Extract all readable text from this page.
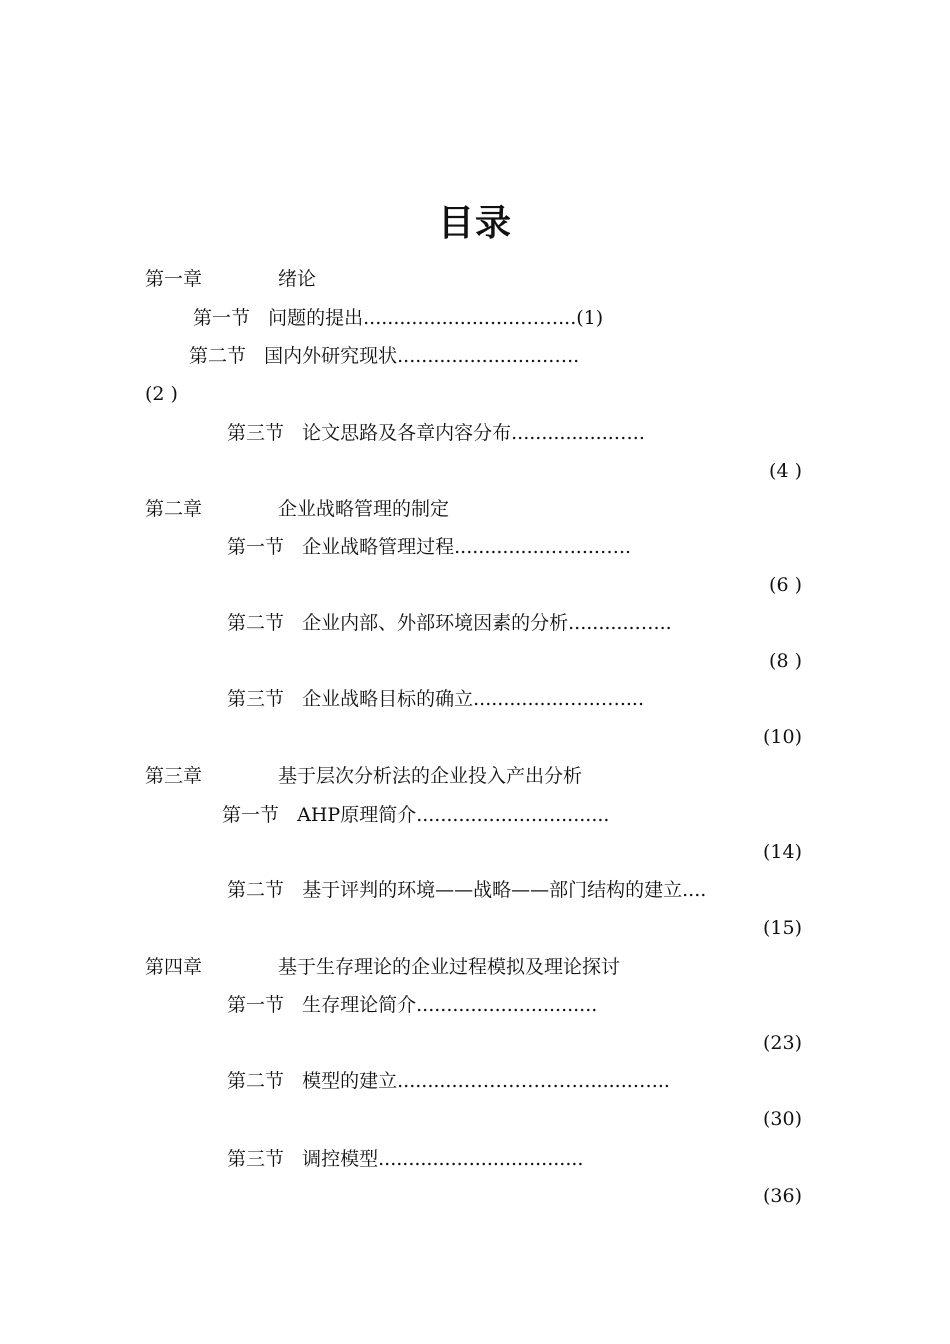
目录
第一章	绪论
第一节   问题的提出..........................……...(1)
第二节   国内外研究现状.........................…..
(2 )
第三节   论文思路及各章内容分布.................…..
(4 )
第二章	企业战略管理的制定
第一节   企业战略管理过程................….....…..
(6 )
第二节   企业内部、外部环境因素的分析...........…...
(8 )
第三节   企业战略目标的确立...............…...…....
(10)
第三章	基于层次分析法的企业投入产出分析
第一节   AHP原理简介................................
(14)
第二节   基于评判的环境——战略——部门结构的建立....
(15)
第四章	基于生存理论的企业过程模拟及理论探讨
第一节   生存理论简介..............................
(23)
第二节   模型的建立..........………………….......…...
(30)
第三节   调控模型..................................
(36)
